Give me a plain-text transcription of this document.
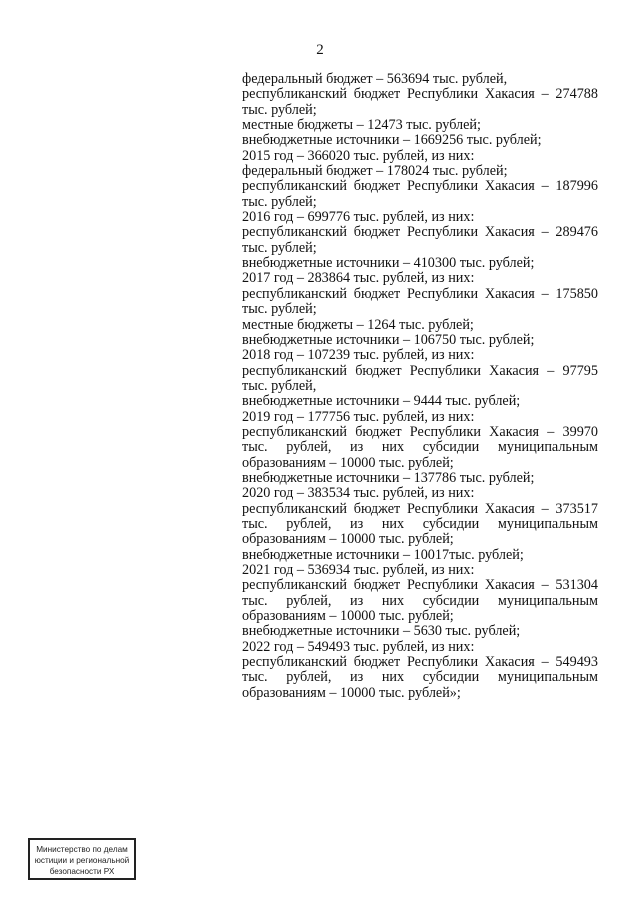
2
федеральный бюджет – 563694 тыс. рублей,
республиканский бюджет Республики Хакасия – 274788
тыс. рублей;
местные бюджеты – 12473 тыс. рублей;
внебюджетные источники – 1669256 тыс. рублей;
2015 год – 366020 тыс. рублей, из них:
федеральный бюджет – 178024 тыс. рублей;
республиканский бюджет Республики Хакасия – 187996
тыс. рублей;
2016 год – 699776 тыс. рублей, из них:
республиканский бюджет Республики Хакасия – 289476
тыс. рублей;
внебюджетные источники – 410300 тыс. рублей;
2017 год – 283864 тыс. рублей, из них:
республиканский бюджет Республики Хакасия – 175850
тыс. рублей;
местные бюджеты – 1264 тыс. рублей;
внебюджетные источники – 106750 тыс. рублей;
2018 год – 107239 тыс. рублей, из них:
республиканский бюджет Республики Хакасия – 97795
тыс. рублей,
внебюджетные источники – 9444 тыс. рублей;
2019 год – 177756 тыс. рублей, из них:
республиканский бюджет Республики Хакасия – 39970
тыс. рублей, из них субсидии муниципальным
образованиям – 10000 тыс. рублей;
внебюджетные источники – 137786 тыс. рублей;
2020 год – 383534 тыс. рублей, из них:
республиканский бюджет Республики Хакасия – 373517
тыс. рублей, из них субсидии муниципальным
образованиям – 10000 тыс. рублей;
внебюджетные источники – 10017тыс. рублей;
2021 год – 536934 тыс. рублей, из них:
республиканский бюджет Республики Хакасия – 531304
тыс. рублей, из них субсидии муниципальным
образованиям – 10000 тыс. рублей;
внебюджетные источники – 5630 тыс. рублей;
2022 год – 549493 тыс. рублей, из них:
республиканский бюджет Республики Хакасия – 549493
тыс. рублей, из них субсидии муниципальным
образованиям – 10000 тыс. рублей»;
Министерство по делам
юстиции и региональной
безопасности РХ
